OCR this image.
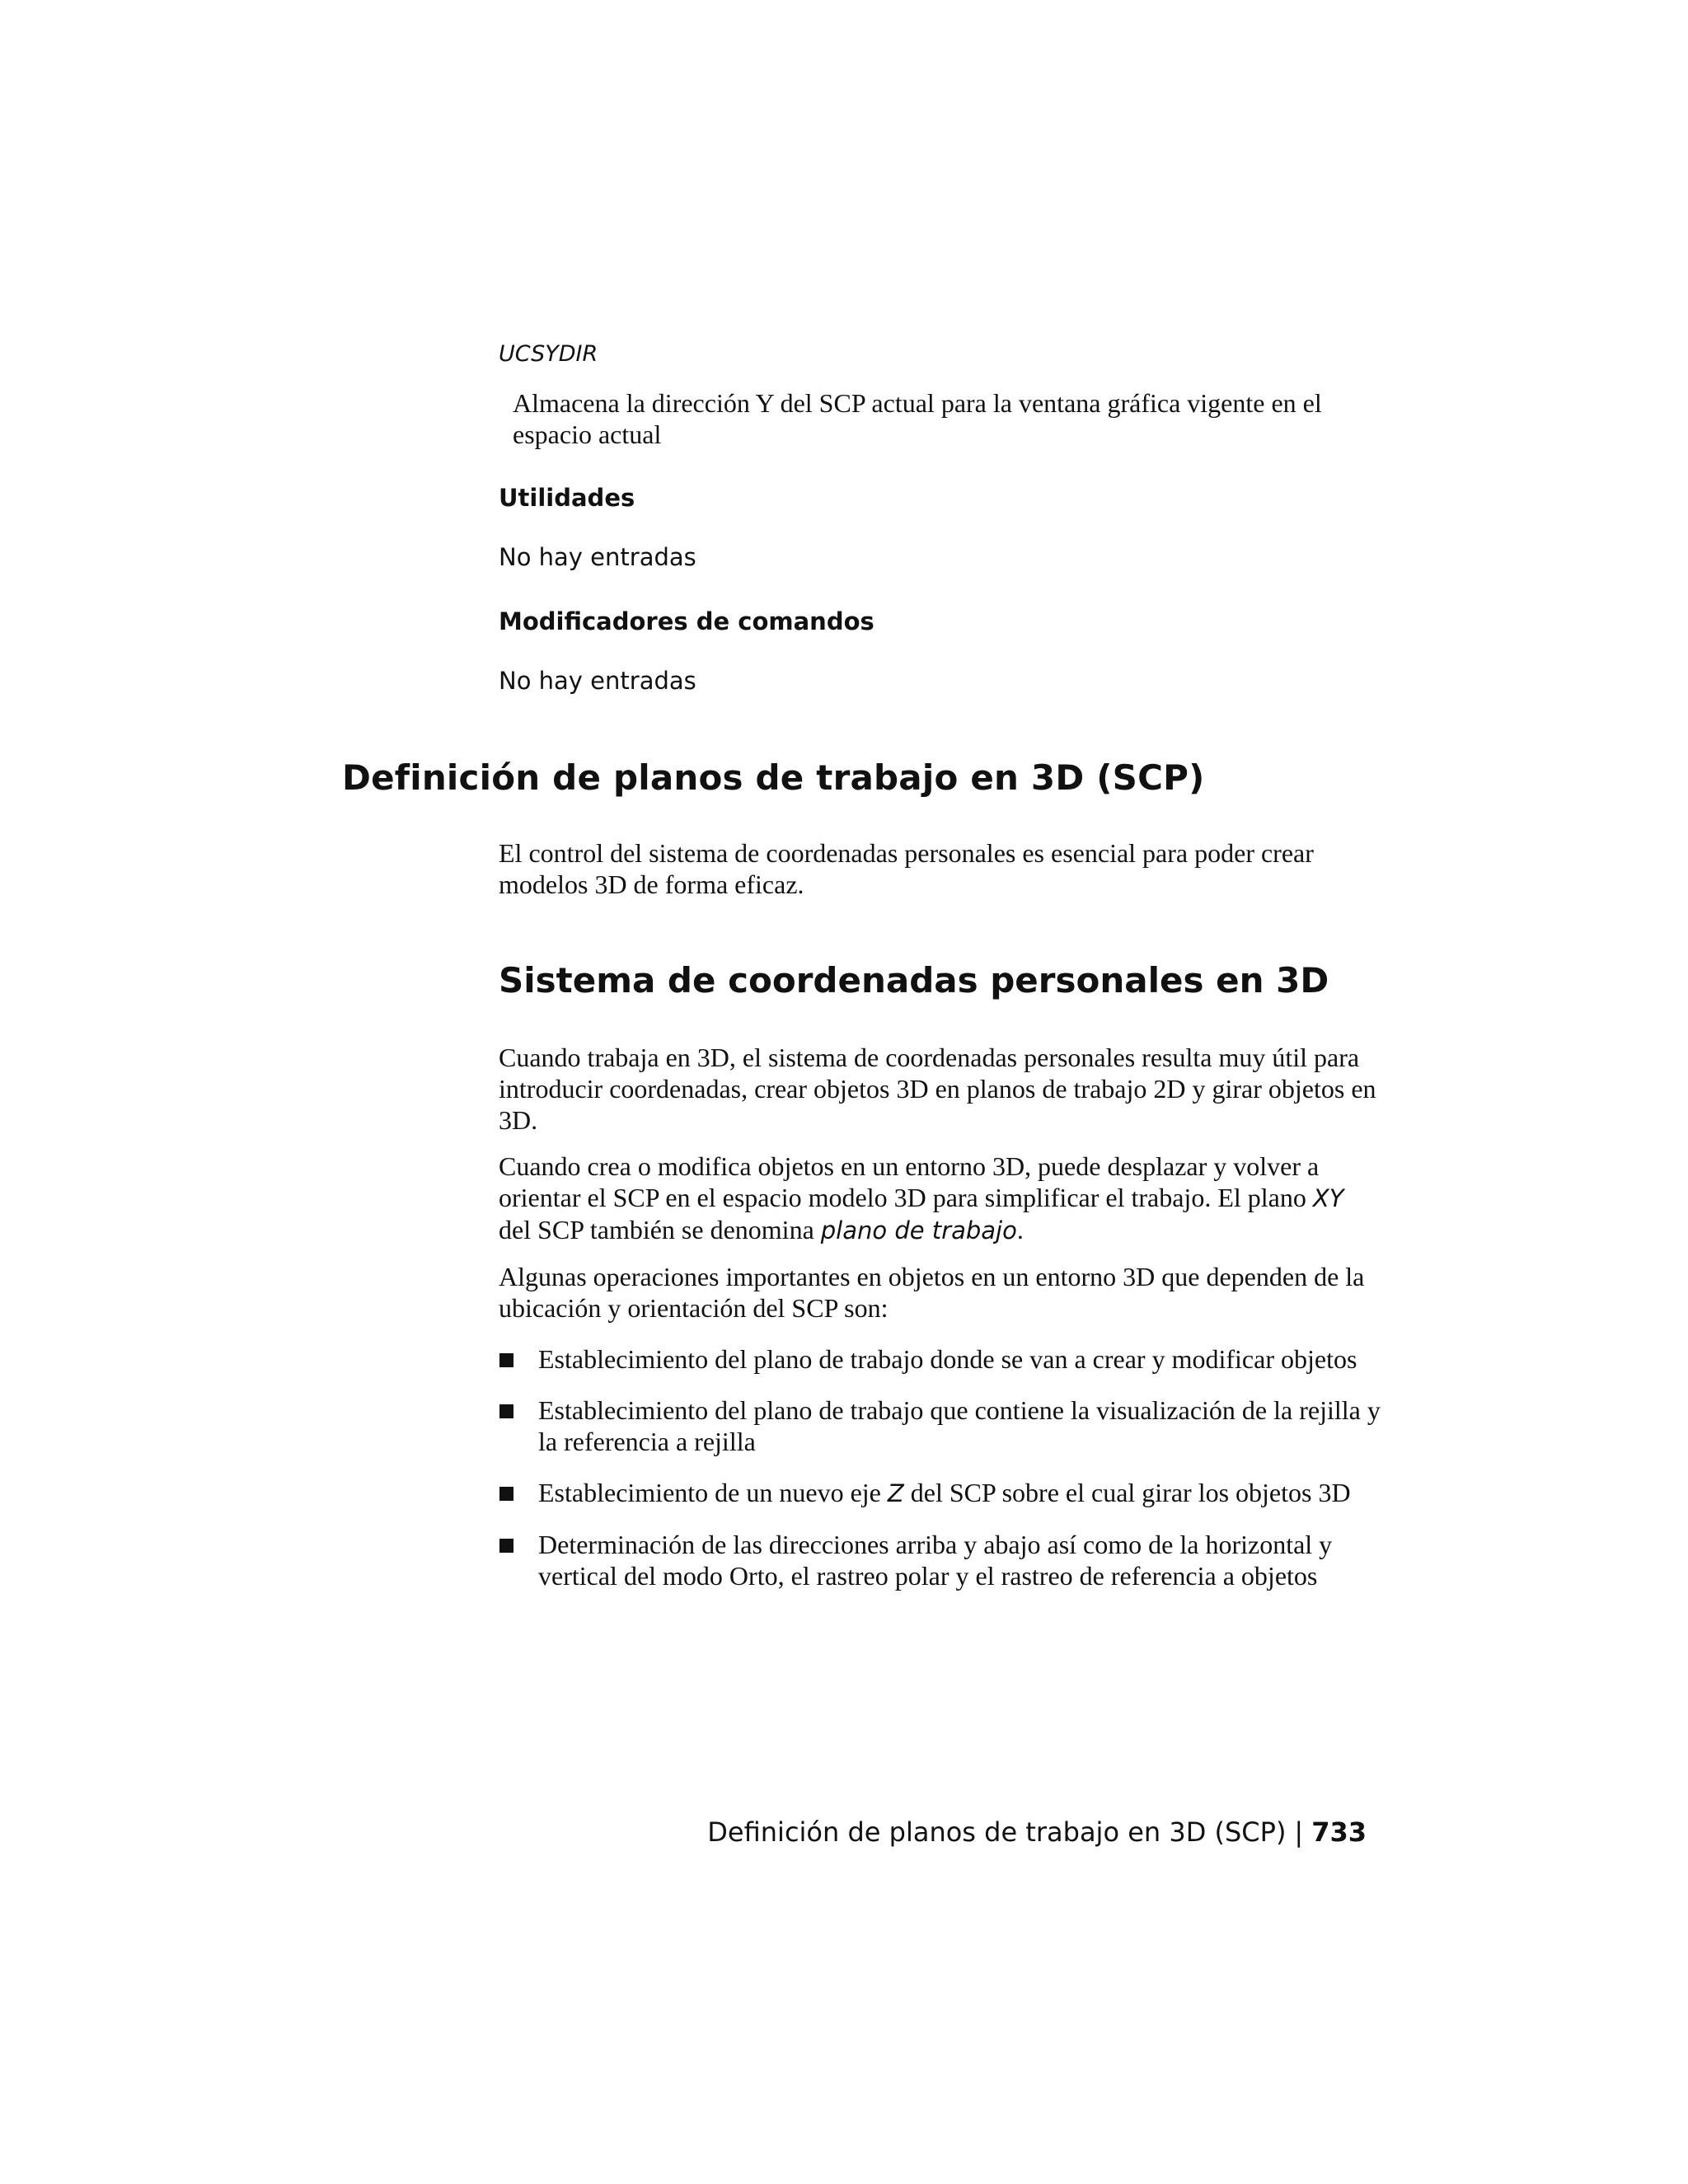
UCSYDIR

Almacena la dirección Y del SCP actual para la ventana gráfica vigente en el espacio actual

Utilidades

No hay entradas

Modificadores de comandos

No hay entradas

Definición de planos de trabajo en 3D (SCP)

El control del sistema de coordenadas personales es esencial para poder crear modelos 3D de forma eficaz.

Sistema de coordenadas personales en 3D

Cuando trabaja en 3D, el sistema de coordenadas personales resulta muy útil para introducir coordenadas, crear objetos 3D en planos de trabajo 2D y girar objetos en 3D.

Cuando crea o modifica objetos en un entorno 3D, puede desplazar y volver a orientar el SCP en el espacio modelo 3D para simplificar el trabajo. El plano XY del SCP también se denomina plano de trabajo.

Algunas operaciones importantes en objetos en un entorno 3D que dependen de la ubicación y orientación del SCP son:

Establecimiento del plano de trabajo donde se van a crear y modificar objetos
Establecimiento del plano de trabajo que contiene la visualización de la rejilla y la referencia a rejilla
Establecimiento de un nuevo eje Z del SCP sobre el cual girar los objetos 3D
Determinación de las direcciones arriba y abajo así como de la horizontal y vertical del modo Orto, el rastreo polar y el rastreo de referencia a objetos
Definición de planos de trabajo en 3D (SCP) | 733
